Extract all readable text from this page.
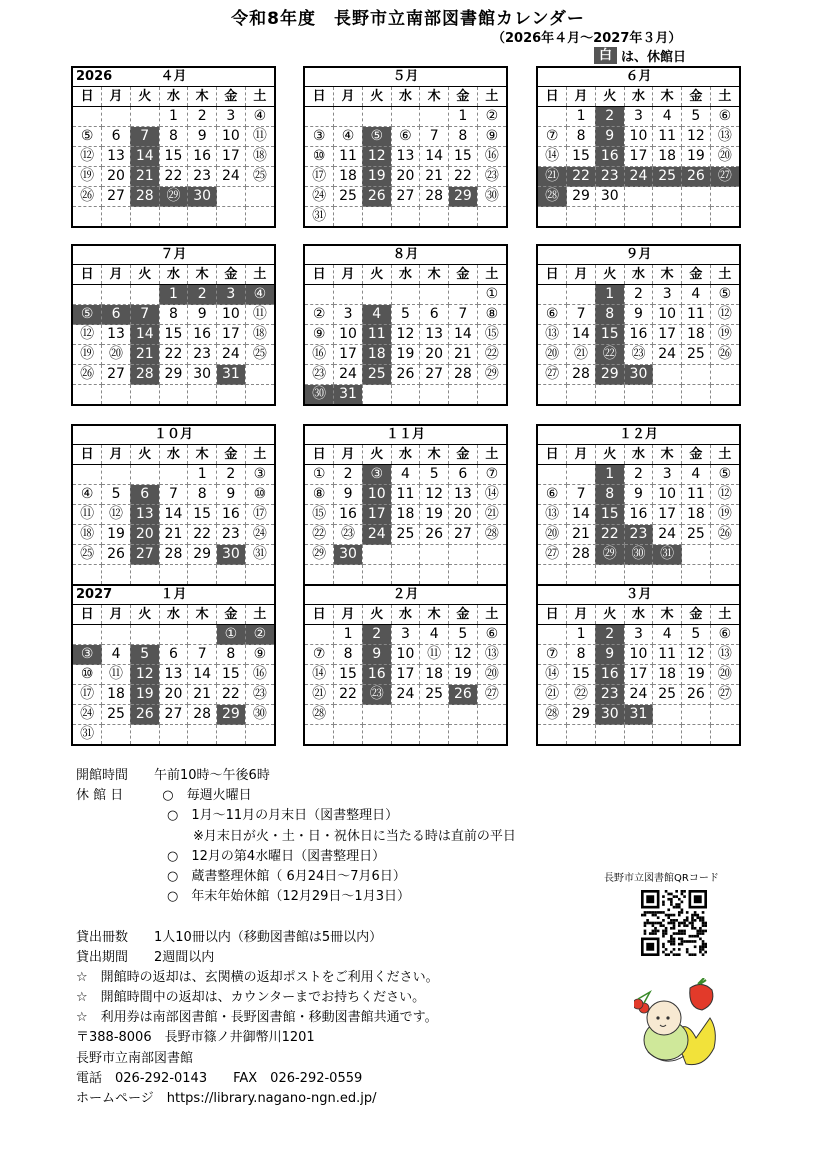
令和8年度　長野市立南部図書館カレンダー
（2026年４月～2027年３月）
白 は、休館日
４月
2026
日	月	火	水	木	金	土
			1	2	3	④
⑤	6	7	8	9	10	⑪
⑫	13	14	15	16	17	⑱
⑲	20	21	22	23	24	㉕
㉖	27	28	㉙	30		

５月
日	月	火	水	木	金	土
					1	②
③	④	⑤	⑥	7	8	⑨
⑩	11	12	13	14	15	⑯
⑰	18	19	20	21	22	㉓
㉔	25	26	27	28	29	㉚
㉛						
６月
日	月	火	水	木	金	土
	1	2	3	4	5	⑥
⑦	8	9	10	11	12	⑬
⑭	15	16	17	18	19	⑳
㉑	22	23	24	25	26	㉗
㉘	29	30				

７月
日	月	火	水	木	金	土
			1	2	3	④
⑤	6	7	8	9	10	⑪
⑫	13	14	15	16	17	⑱
⑲	⑳	21	22	23	24	㉕
㉖	27	28	29	30	31	

８月
日	月	火	水	木	金	土
						①
②	3	4	5	6	7	⑧
⑨	10	11	12	13	14	⑮
⑯	17	18	19	20	21	㉒
㉓	24	25	26	27	28	㉙
㉚	31					
９月
日	月	火	水	木	金	土
		1	2	3	4	⑤
⑥	7	8	9	10	11	⑫
⑬	14	15	16	17	18	⑲
⑳	㉑	㉒	㉓	24	25	㉖
㉗	28	29	30			

１０月
日	月	火	水	木	金	土
				1	2	③
④	5	6	7	8	9	⑩
⑪	⑫	13	14	15	16	⑰
⑱	19	20	21	22	23	㉔
㉕	26	27	28	29	30	㉛

１１月
日	月	火	水	木	金	土
①	2	③	4	5	6	⑦
⑧	9	10	11	12	13	⑭
⑮	16	17	18	19	20	㉑
㉒	㉓	24	25	26	27	㉘
㉙	30					

１２月
日	月	火	水	木	金	土
		1	2	3	4	⑤
⑥	7	8	9	10	11	⑫
⑬	14	15	16	17	18	⑲
⑳	21	22	23	24	25	㉖
㉗	28	㉙	㉚	㉛		

１月
2027
日	月	火	水	木	金	土
					①	②
③	4	5	6	7	8	⑨
⑩	⑪	12	13	14	15	⑯
⑰	18	19	20	21	22	㉓
㉔	25	26	27	28	29	㉚
㉛						
２月
日	月	火	水	木	金	土
	1	2	3	4	5	⑥
⑦	8	9	10	⑪	12	⑬
⑭	15	16	17	18	19	⑳
㉑	22	㉓	24	25	26	㉗
㉘						

３月
日	月	火	水	木	金	土
	1	2	3	4	5	⑥
⑦	8	9	10	11	12	⑬
⑭	15	16	17	18	19	⑳
㉑	㉒	23	24	25	26	㉗
㉘	29	30	31			

開館時間　　午前10時～午後6時
休 館 日　　　○　毎週火曜日
　　　　　　　○　1月～11月の月末日（図書整理日）
　　　　　　　　　※月末日が火・土・日・祝休日に当たる時は直前の平日
　　　　　　　○　12月の第4水曜日（図書整理日）
　　　　　　　○　蔵書整理休館（ 6月24日～7月6日）
　　　　　　　○　年末年始休館（12月29日～1月3日）
貸出冊数　　1人10冊以内（移動図書館は5冊以内）
貸出期間　　2週間以内
☆　開館時の返却は、玄関横の返却ポストをご利用ください。
☆　開館時間中の返却は、カウンターまでお持ちください。
☆　利用券は南部図書館・長野図書館・移動図書館共通です。
〒388-8006　長野市篠ノ井御幣川1201
長野市立南部図書館
電話　026-292-0143　　FAX　026-292-0559
ホームページ　https://library.nagano-ngn.ed.jp/
長野市立図書館QRコード
